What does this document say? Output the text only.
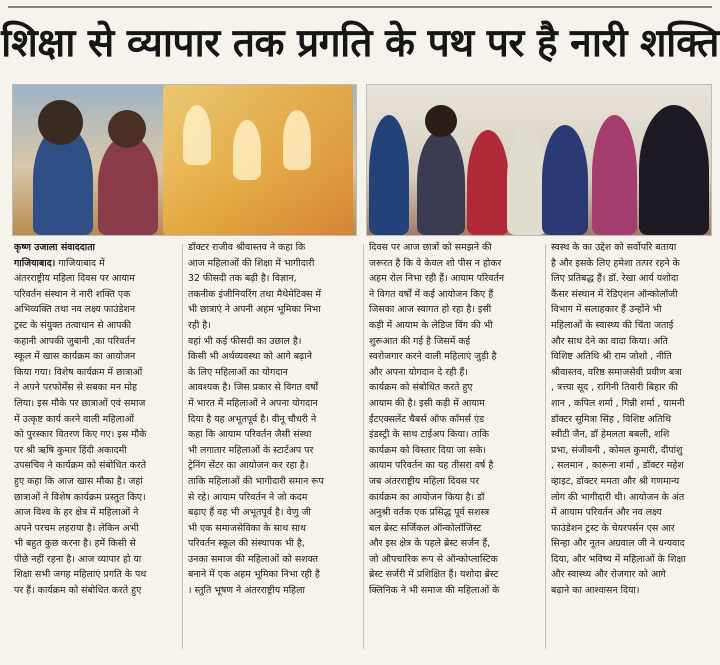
शिक्षा से व्यापार तक प्रगति के पथ पर है नारी शक्ति
कृष्ण उजाला संवाददाता
गाजियाबाद। गाजियाबाद में
अंतरराष्ट्रीय महिला दिवस पर आयाम
परिवर्तन संस्थान ने नारी शक्ति एक
अभिव्यक्ति तथा नव लक्ष्य फाउंडेशन
ट्रस्ट के संयुक्त तत्वाधान से आपकी
कहानी आपकी जुबानी ,का परिवर्तन
स्कूल में खास कार्यक्रम का आयोजन
किया गया। विशेष कार्यक्रम में छात्राओं
ने अपने परफोर्मेंस से सबका मन मोह
लिया। इस मौके पर छात्राओं एवं समाज
में उत्कृष्ट कार्य करने वाली महिलाओं
को पुरस्कार वितरण किए गए। इस मौके
पर श्री ऋषि कुमार हिंदी अकादमी
उपसचिव ने कार्यक्रम को संबोधित करते
हुए कहा कि आज खास मौका है। जहां
छात्राओं ने विशेष कार्यक्रम प्रस्तुत किए।
आज विश्व के हर क्षेत्र में महिलाओं ने
अपने परचम लहराया है। लेकिन अभी
भी बहुत कुछ करना है। हमें किसी से
पीछे नहीं रहना है। आज व्यापार हो या
शिक्षा सभी जगह महिलाएं प्रगति के पथ
पर हैं। कार्यक्रम को संबोधित करते हुए
डॉक्टर राजीव श्रीवास्तव ने कहा कि
आज महिलाओं की शिक्षा में भागीदारी
32 फीसदी तक बढ़ी है। विज्ञान,
तकनीक इंजीनियरिंग तथा मैथेमेटिक्स में
भी छात्राएं ने अपनी अहम भूमिका निभा
रही है।
वहां भी कई फीसदी का उछाल है।
किसी भी अर्थव्यवस्था को आगे बढ़ाने
के लिए महिलाओं का योगदान
आवश्यक है। जिस प्रकार से विगत वर्षों
में भारत में महिलाओं ने अपना योगदान
दिया है यह अभूतपूर्व है। वीनू चौधरी ने
कहा कि आयाम परिवर्तन जैसी संस्था
भी लगातार महिलाओं के स्टार्टअप पर
ट्रेनिंग सेंटर का आयोजन कर रहा है।
ताकि महिलाओं की भागीदारी समान रूप
से रहे। आयाम परिवर्तन ने जो कदम
बढ़ाए हैं वह भी अभूतपूर्व है। वेणु जी
भी एक समाजसेविका के साथ साथ
परिवर्तन स्कूल की संस्थापक भी है,
उनका समाज की महिलाओं को सशक्त
बनाने में एक अहम भूमिका निभा रही है
। स्तुति भूषण ने अंतरराष्ट्रीय महिला
दिवस पर आज छात्रों को समझने की
जरूरत है कि वे केवल शो पीस न होकर
अहम रोल निभा रही हैं। आयाम परिवर्तन
ने विगत वर्षों में कई आयोजन किए हैं
जिसका आज स्वागत हो रहा है। इसी
कड़ी में आयाम के लेडिज विंग की भी
शुरूआत की गई है जिसमें कई
स्वरोजगार करने वाली महिलाएं जुड़ी है
और अपना योगदान दे रही हैं।
कार्यक्रम को संबोधित करते हुए
आयाम की है। इसी कड़ी में आयाम
ईंटएक्सलेंट चैबर्स ऑफ कॉमर्स एंड
इंडस्ट्री के साथ टाईअप किया। ताकि
कार्यक्रम को विस्तार दिया जा सके।
आयाम परिवर्तन का यह तीसरा वर्ष है
जब अंतरराष्ट्रीय महिला दिवस पर
कार्यक्रम का आयोजन किया है। डॉ
अनुश्री वर्तक एक प्रसिद्ध पूर्व सशस्त्र
बल ब्रेस्ट सर्जिकल ऑन्कोलॉजिस्ट
और इस क्षेत्र के पहले ब्रेस्ट सर्जन हैं,
जो औपचारिक रूप से ऑन्कोप्लास्टिक
ब्रेस्ट सर्जरी में प्रशिक्षित हैं। यशोदा ब्रेस्ट
क्लिनिक ने भी समाज की महिलाओं के
स्वस्थ के का उद्देश को सर्वोपरि बताया
है और इसके लिए हमेशा तत्पर रहने के
लिए प्रतिबद्ध हैं। डॉ. रेखा आर्य यशोदा
कैंसर संस्थान में रेडिएशन ऑन्कोलॉजी
विभाग में सलाहकार हैं उन्होंने भी
महिलाओं के स्वास्थ्य की चिंता जताई
और साथ देने का वादा किया। अति
विशिष्ट अतिथि श्री राम जोशो , नीति
श्रीवास्तव, वरिष्ठ समाजसेवी प्रवीण बत्रा
, त्रत्त्या सूद , रागिनी तिवारी बिहार की
शान , कपिल शर्मा , गिन्नी शर्मा , यामनी
डॉक्टर सुमित्रा सिंह , विशिष्ट अतिथि
स्वीटी जैन, डॉ हेमलता बबली, शशि
प्रभा, संजीवनी , कोमल कुमारी, दीपांशु
, सलमान , कारूना शर्मा , डॉक्टर महेश
व्हाइट, डॉक्टर ममता और श्री गणमान्य
लोग की भागीदारी थी। आयोजन के अंत
में आयाम परिवर्तन और नव लक्ष्य
फाउंडेशन ट्रस्ट के चेयरपर्सन एस आर
सिन्हा और नूतन अग्रवाल जी ने धन्यवाद
दिया, और भविष्य में महिलाओं के शिक्षा
और स्वास्थ्य और रोजगार को आगे
बढ़ाने का आश्वासन दिया।
